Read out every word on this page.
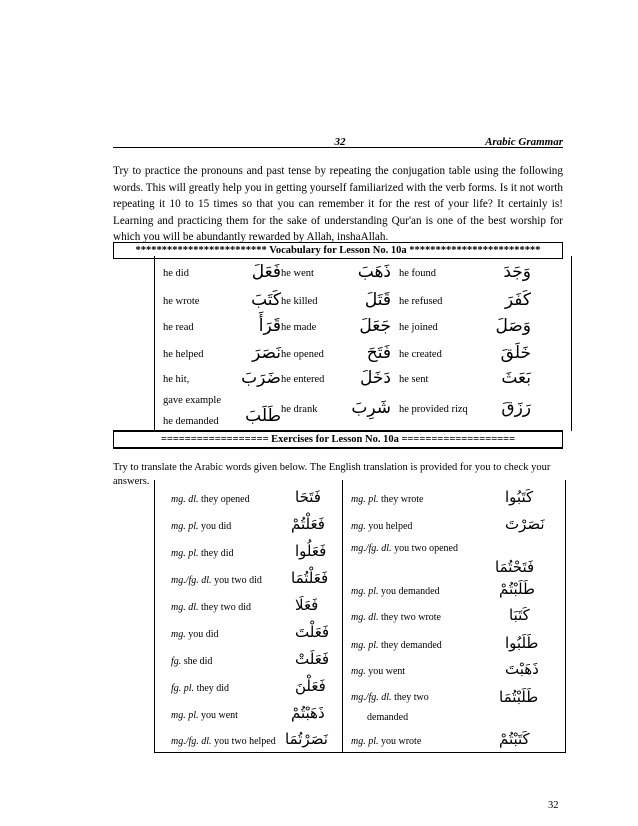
32	Arabic Grammar
Try to practice the pronouns and past tense by repeating the conjugation table using the following words. This will greatly help you in getting yourself familiarized with the verb forms. Is it not worth repeating it 10 to 15 times so that you can remember it for the rest of your life? It certainly is! Learning and practicing them for the sake of understanding Qur'an is one of the best worship for which you will be abundantly rewarded by Allah, inshaAllah.
************************* Vocabulary for Lesson No. 10a *************************
he did	فَعَلَ he went	ذَهَبَ he found	وَجَدَ
he wrote	كَتَبَ he killed	قَتَلَ he refused	كَفَرَ
he read	قَرَأَ he made	جَعَلَ he joined	وَصَلَ
he helped	نَصَرَ he opened	فَتَحَ he created	خَلَقَ
he hit,	ضَرَبَ he entered	دَخَلَ he sent	بَعَثَ
gave example
he demanded	طَلَبَ he drank شَرِبَ he provided rizq	رَزَقَ
================== Exercises for Lesson No. 10a ===================
Try to translate the Arabic words given below. The English translation is provided for you to check your answers.
mg. dl. they opened	فَتَحَا
mg. pl. you did	فَعَلْتُمْ
mg. pl. they did	فَعَلُوا
mg./fg. dl. you two did فَعَلْتُمَا
mg. dl. they two did	فَعَلَا
mg. you did	فَعَلْتَ
fg. she did	فَعَلَتْ
fg. pl. they did	فَعَلْنَ
mg. pl. you went	ذَهَبْتُمْ
mg./fg. dl. you two helped نَصَرْتُمَا
mg. pl. they wrote	كَتَبُوا
mg. you helped	نَصَرْتَ
mg./fg. dl. you two opened
فَتَحْتُمَا
mg. pl. you demanded	طَلَبْتُمْ
mg. dl. they two wrote	كَتَبَا
mg. pl. they demanded	طَلَبُوا
mg. you went	ذَهَبْتَ
mg./fg. dl. they two
demanded
طَلَبْتُمَا
mg. pl. you wrote	كَتَبْتُمْ
32
